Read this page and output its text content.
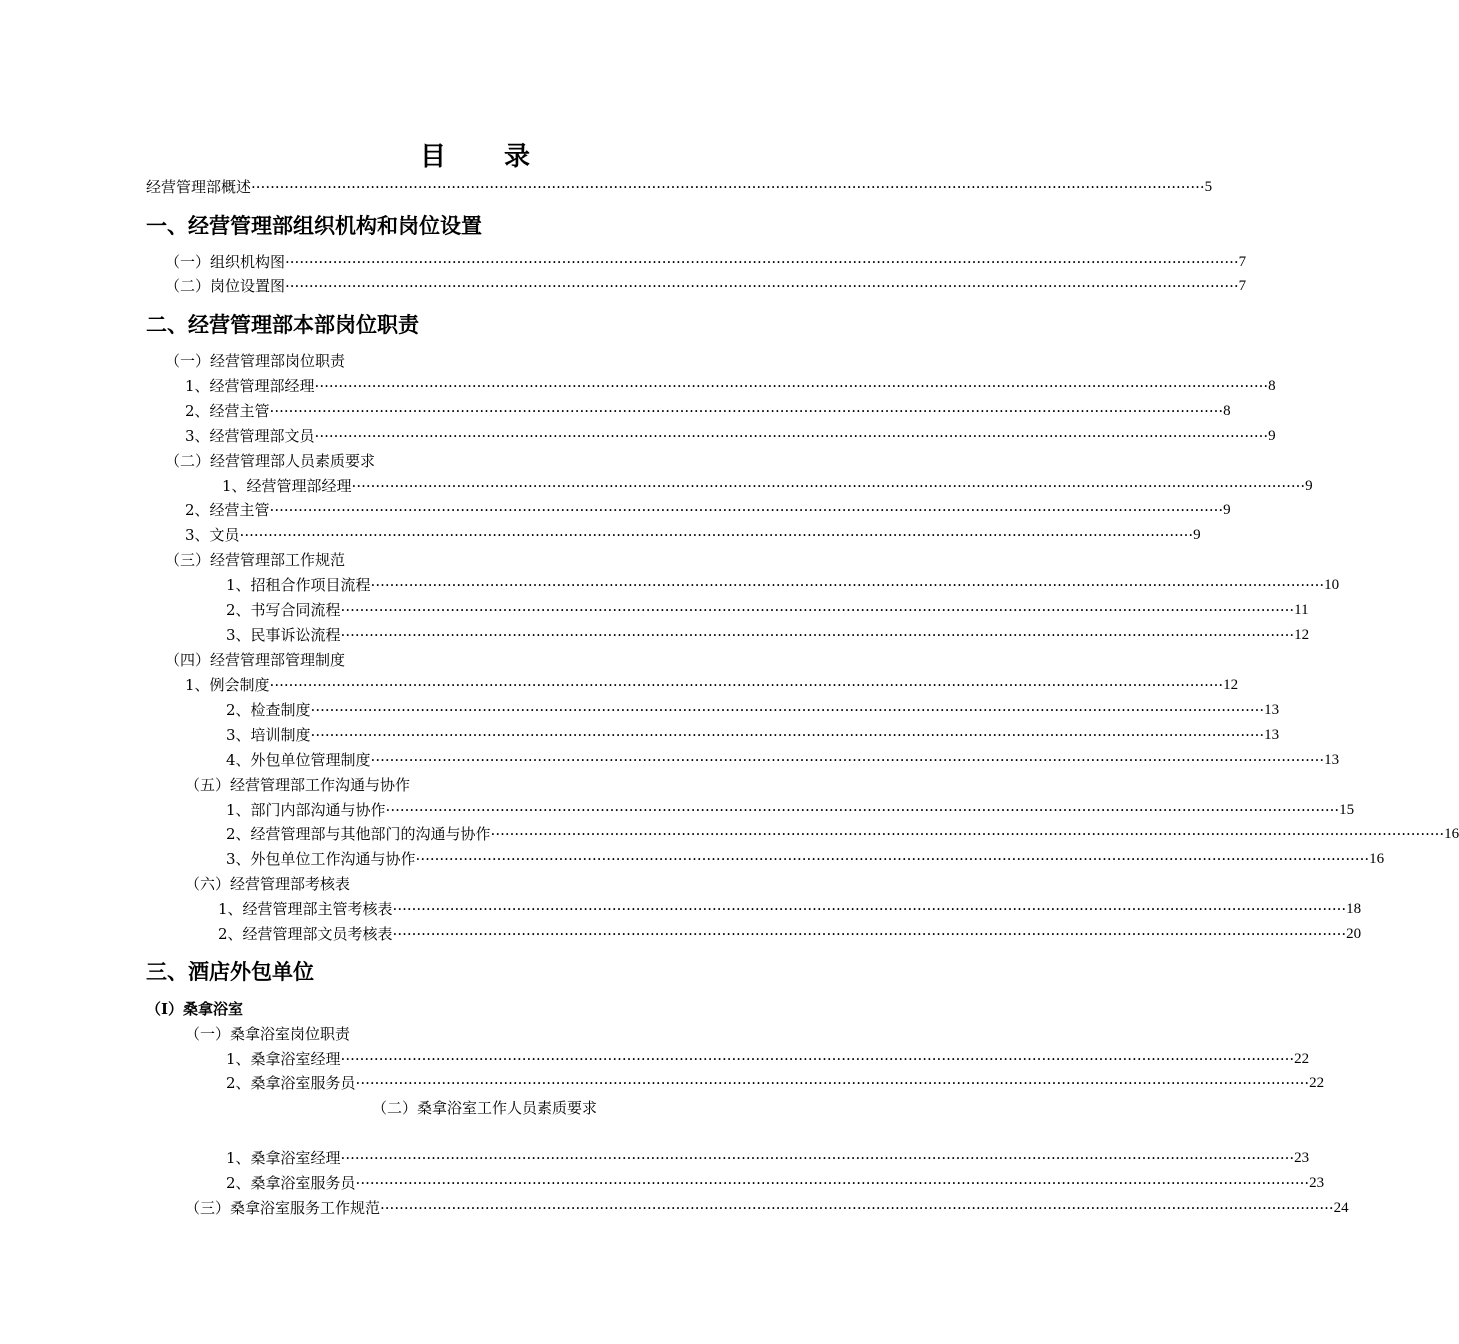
目 录
经营管理部概述 ········································································································································································································ 5
一、经营管理部组织机构和岗位设置
（一）组织机构图 ········································································································································································································ 7
（二）岗位设置图 ········································································································································································································ 7
二、经营管理部本部岗位职责
（一）经营管理部岗位职责
1、经营管理部经理 ········································································································································································································ 8
2、经营主管 ········································································································································································································ 8
3、经营管理部文员 ········································································································································································································ 9
（二）经营管理部人员素质要求
1、经营管理部经理 ········································································································································································································ 9
2、经营主管 ········································································································································································································ 9
3、文员 ········································································································································································································ 9
（三）经营管理部工作规范
1、招租合作项目流程 ········································································································································································································ 10
2、书写合同流程 ········································································································································································································ 11
3、民事诉讼流程 ········································································································································································································ 12
（四）经营管理部管理制度
1、例会制度 ········································································································································································································ 12
2、检查制度 ········································································································································································································ 13
3、培训制度 ········································································································································································································ 13
4、外包单位管理制度 ········································································································································································································ 13
（五）经营管理部工作沟通与协作
1、部门内部沟通与协作 ········································································································································································································ 15
2、经营管理部与其他部门的沟通与协作 ········································································································································································································ 16
3、外包单位工作沟通与协作 ········································································································································································································ 16
（六）经营管理部考核表
1、经营管理部主管考核表 ········································································································································································································ 18
2、经营管理部文员考核表 ········································································································································································································ 20
三、酒店外包单位
（Ⅰ）桑拿浴室
（一）桑拿浴室岗位职责
1、桑拿浴室经理 ········································································································································································································ 22
2、桑拿浴室服务员 ········································································································································································································ 22
（二）桑拿浴室工作人员素质要求
1、桑拿浴室经理 ········································································································································································································ 23
2、桑拿浴室服务员 ········································································································································································································ 23
（三）桑拿浴室服务工作规范 ········································································································································································································ 24
